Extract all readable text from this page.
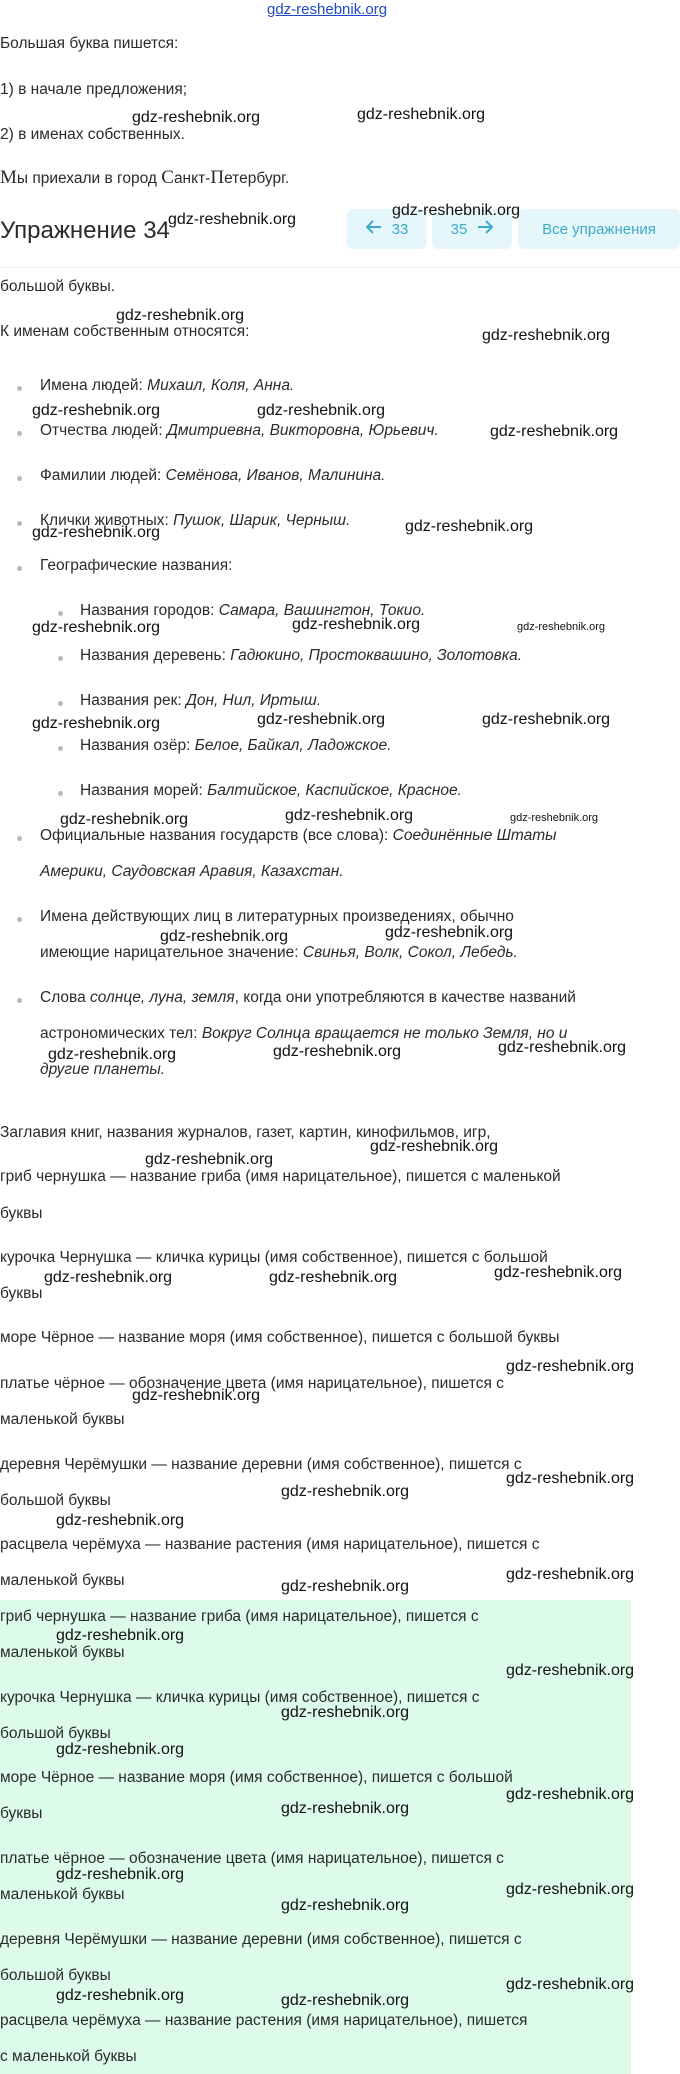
gdz-reshebnik.org
Большая буква пишется:
1) в начале предложения;
2) в именах собственных.
Мы приехали в город Санкт-Петербург.
Упражнение 34	33	35	Все упражнения
большой буквы.
К именам собственным относятся:
Имена людей: Михаил, Коля, Анна.
Отчества людей: Дмитриевна, Викторовна, Юрьевич.
Фамилии людей: Семёнова, Иванов, Малинина.
Клички животных: Пушок, Шарик, Черныш.
Географические названия:
Названия городов: Самара, Вашингтон, Токио.
Названия деревень: Гадюкино, Простоквашино, Золотовка.
Названия рек: Дон, Нил, Иртыш.
Названия озёр: Белое, Байкал, Ладожское.
Названия морей: Балтийское, Каспийское, Красное.
Официальные названия государств (все слова): Соединённые Штаты
Америки, Саудовская Аравия, Казахстан.
Имена действующих лиц в литературных произведениях, обычно
имеющие нарицательное значение: Свинья, Волк, Сокол, Лебедь.
Слова солнце, луна, земля, когда они употребляются в качестве названий
астрономических тел: Вокруг Солнца вращается не только Земля, но и
другие планеты.
Заглавия книг, названия журналов, газет, картин, кинофильмов, игр,
гриб чернушка — название гриба (имя нарицательное), пишется с маленькой
буквы
курочка Чернушка — кличка курицы (имя собственное), пишется с большой
буквы
море Чёрное — название моря (имя собственное), пишется с большой буквы
платье чёрное — обозначение цвета (имя нарицательное), пишется с
маленькой буквы
деревня Черёмушки — название деревни (имя собственное), пишется с
большой буквы
расцвела черёмуха — название растения (имя нарицательное), пишется с
маленькой буквы
гриб чернушка — название гриба (имя нарицательное), пишется с
маленькой буквы
курочка Чернушка — кличка курицы (имя собственное), пишется с
большой буквы
море Чёрное — название моря (имя собственное), пишется с большой
буквы
платье чёрное — обозначение цвета (имя нарицательное), пишется с
маленькой буквы
деревня Черёмушки — название деревни (имя собственное), пишется с
большой буквы
расцвела черёмуха — название растения (имя нарицательное), пишется
с маленькой буквы
gdz-reshebnik.org	gdz-reshebnik.org
gdz-reshebnik.org
gdz-reshebnik.org
gdz-reshebnik.org
gdz-reshebnik.org
gdz-reshebnik.org	gdz-reshebnik.org
gdz-reshebnik.org
gdz-reshebnik.org	gdz-reshebnik.org
gdz-reshebnik.org	gdz-reshebnik.org	gdz-reshebnik.org
gdz-reshebnik.org	gdz-reshebnik.org	gdz-reshebnik.org
gdz-reshebnik.org	gdz-reshebnik.org	gdz-reshebnik.org
gdz-reshebnik.org	gdz-reshebnik.org
gdz-reshebnik.org	gdz-reshebnik.org	gdz-reshebnik.org
gdz-reshebnik.org
gdz-reshebnik.org
gdz-reshebnik.org	gdz-reshebnik.org	gdz-reshebnik.org
gdz-reshebnik.org
gdz-reshebnik.org
gdz-reshebnik.org
gdz-reshebnik.org
gdz-reshebnik.org
gdz-reshebnik.org
gdz-reshebnik.org
gdz-reshebnik.org
gdz-reshebnik.org
gdz-reshebnik.org
gdz-reshebnik.org
gdz-reshebnik.org
gdz-reshebnik.org
gdz-reshebnik.org
gdz-reshebnik.org
gdz-reshebnik.org
gdz-reshebnik.org
gdz-reshebnik.org	gdz-reshebnik.org
